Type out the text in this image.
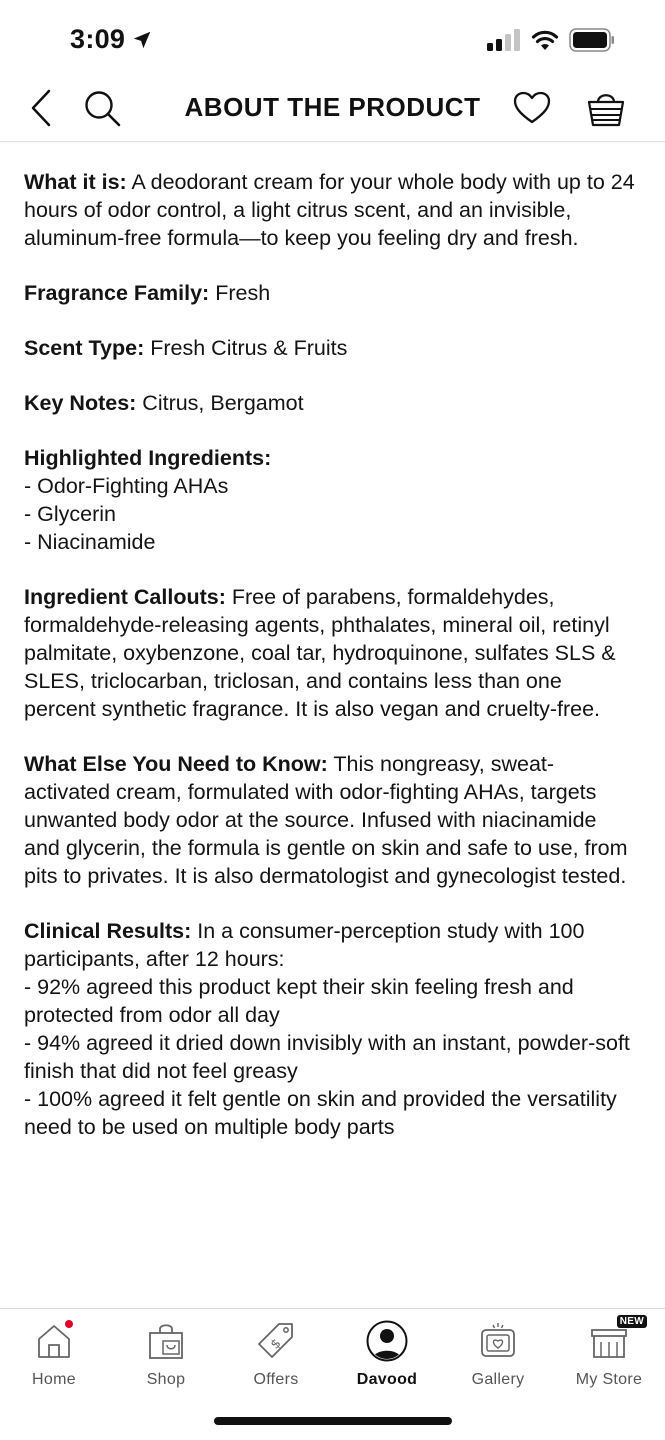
3:09
ABOUT THE PRODUCT

What it is: A deodorant cream for your whole body with up to 24 hours of odor control, a light citrus scent, and an invisible, aluminum-free formula—to keep you feeling dry and fresh.

Fragrance Family: Fresh

Scent Type: Fresh Citrus & Fruits

Key Notes: Citrus, Bergamot

Highlighted Ingredients:
- Odor-Fighting AHAs
- Glycerin
- Niacinamide

Ingredient Callouts: Free of parabens, formaldehydes, formaldehyde-releasing agents, phthalates, mineral oil, retinyl palmitate, oxybenzone, coal tar, hydroquinone, sulfates SLS & SLES, triclocarban, triclosan, and contains less than one percent synthetic fragrance. It is also vegan and cruelty-free.

What Else You Need to Know: This nongreasy, sweat-activated cream, formulated with odor-fighting AHAs, targets unwanted body odor at the source. Infused with niacinamide and glycerin, the formula is gentle on skin and safe to use, from pits to privates. It is also dermatologist and gynecologist tested.

Clinical Results: In a consumer-perception study with 100 participants, after 12 hours:
- 92% agreed this product kept their skin feeling fresh and protected from odor all day
- 94% agreed it dried down invisibly with an instant, powder-soft finish that did not feel greasy
- 100% agreed it felt gentle on skin and provided the versatility need to be used on multiple body parts

Home	Shop
$
Offers	Davood	Gallery
NEW
My Store
